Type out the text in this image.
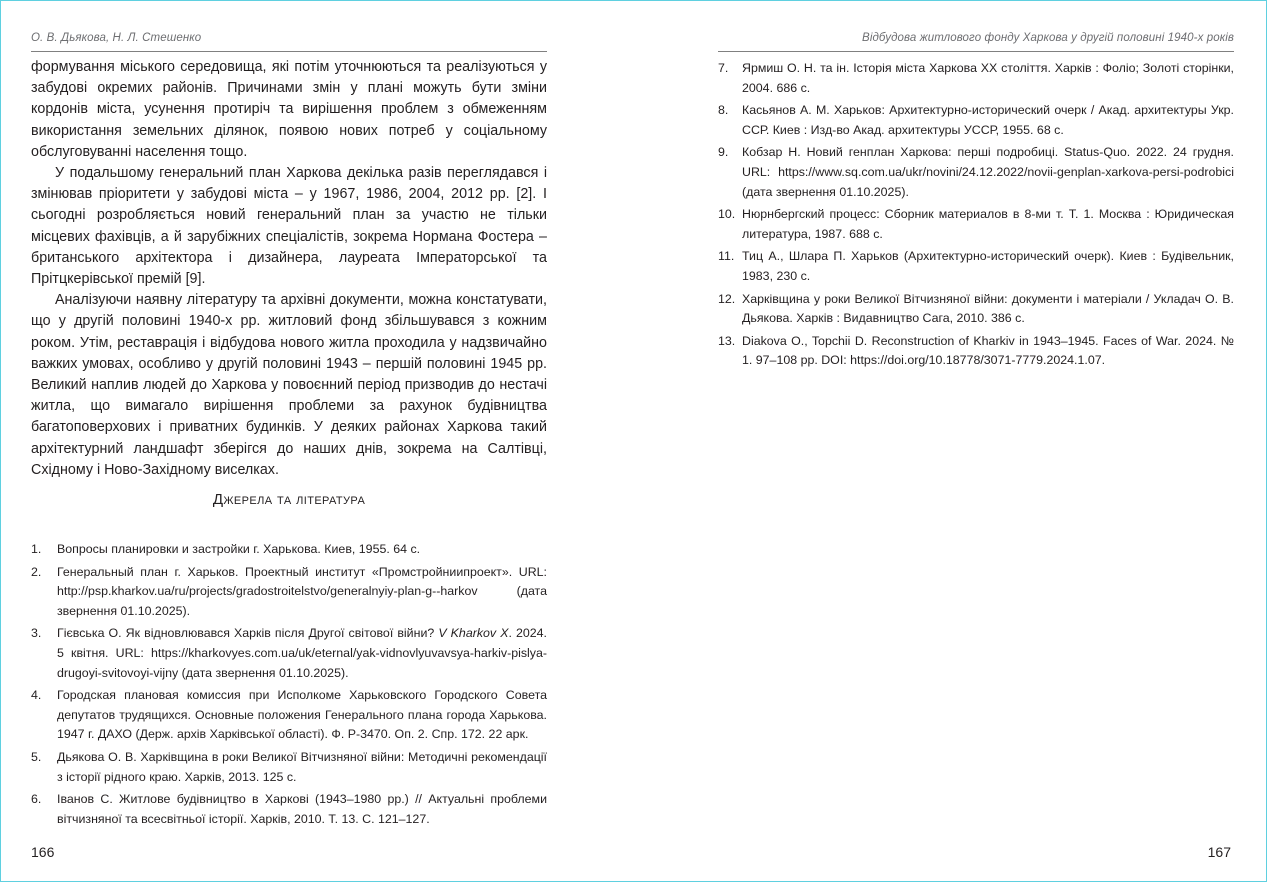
О. В. Дьякова, Н. Л. Стешенко

формування міського середовища, які потім уточнюються та реалізуються у забудові окремих районів. Причинами змін у плані можуть бути зміни кордонів міста, усунення протиріч та вирішення проблем з обмеженням використання земельних ділянок, появою нових потреб у соціальному обслуговуванні населення тощо.

У подальшому генеральний план Харкова декілька разів переглядався і змінював пріоритети у забудові міста – у 1967, 1986, 2004, 2012 рр. [2]. І сьогодні розробляється новий генеральний план за участю не тільки місцевих фахівців, а й зарубіжних спеціалістів, зокрема Нормана Фостера – британського архітектора і дизайнера, лауреата Імператорської та Прітцкерівської премій [9].

Аналізуючи наявну літературу та архівні документи, можна констатувати, що у другій половині 1940-х рр. житловий фонд збільшувався з кожним роком. Утім, реставрація і відбудова нового житла проходила у надзвичайно важких умовах, особливо у другій половині 1943 – першій половині 1945 рр. Великий наплив людей до Харкова у повоєнний період призводив до нестачі житла, що вимагало вирішення проблеми за рахунок будівництва багатоповерхових і приватних будинків. У деяких районах Харкова такий архітектурний ландшафт зберігся до наших днів, зокрема на Салтівці, Східному і Ново-Західному виселках.

Джерела та література
1. Вопросы планировки и застройки г. Харькова. Киев, 1955. 64 с.
2. Генеральный план г. Харьков. Проектный институт «Промстройниипроект». URL: http://psp.kharkov.ua/ru/projects/gradostroitelstvo/generalnyiy-plan-g--harkov (дата звернення 01.10.2025).
3. Гієвська О. Як відновлювався Харків після Другої світової війни? V Kharkov X. 2024. 5 квітня. URL: https://kharkovyes.com.ua/uk/eternal/yak-vidnovlyuvavsya-harkiv-pislya-drugoyi-svitovoyi-vijny (дата звернення 01.10.2025).
4. Городская плановая комиссия при Исполкоме Харьковского Городского Совета депутатов трудящихся. Основные положения Генерального плана города Харькова. 1947 г. ДАХО (Держ. архів Харківської області). Ф. Р-3470. Оп. 2. Спр. 172. 22 арк.
5. Дьякова О. В. Харківщина в роки Великої Вітчизняної війни: Методичні рекомендації з історії рідного краю. Харків, 2013. 125 с.
6. Іванов С. Житлове будівництво в Харкові (1943–1980 рр.) // Актуальні проблеми вітчизняної та всесвітньої історії. Харків, 2010. Т. 13. С. 121–127.
166
Відбудова житлового фонду Харкова у другій половині 1940-х років
7. Ярмиш О. Н. та ін. Історія міста Харкова ХХ століття. Харків : Фоліо; Золоті сторінки, 2004. 686 с.
8. Касьянов А. М. Харьков: Архитектурно-исторический очерк / Акад. архитектуры Укр. ССР. Киев : Изд-во Акад. архитектуры УССР, 1955. 68 с.
9. Кобзар Н. Новий генплан Харкова: перші подробиці. Status-Quo. 2022. 24 грудня. URL: https://www.sq.com.ua/ukr/novini/24.12.2022/novii-genplan-xarkova-persi-podrobici (дата звернення 01.10.2025).
10. Нюрнбергский процесс: Сборник материалов в 8-ми т. Т. 1. Москва : Юридическая литература, 1987. 688 с.
11. Тиц А., Шлара П. Харьков (Архитектурно-исторический очерк). Киев : Будівельник, 1983, 230 с.
12. Харківщина у роки Великої Вітчизняної війни: документи і матеріали / Укладач О. В. Дьякова. Харків : Видавництво Сага, 2010. 386 с.
13. Diakova O., Topchii D. Reconstruction of Kharkiv in 1943–1945. Faces of War. 2024. № 1. 97–108 pp. DOI: https://doi.org/10.18778/3071-7779.2024.1.07.
167
